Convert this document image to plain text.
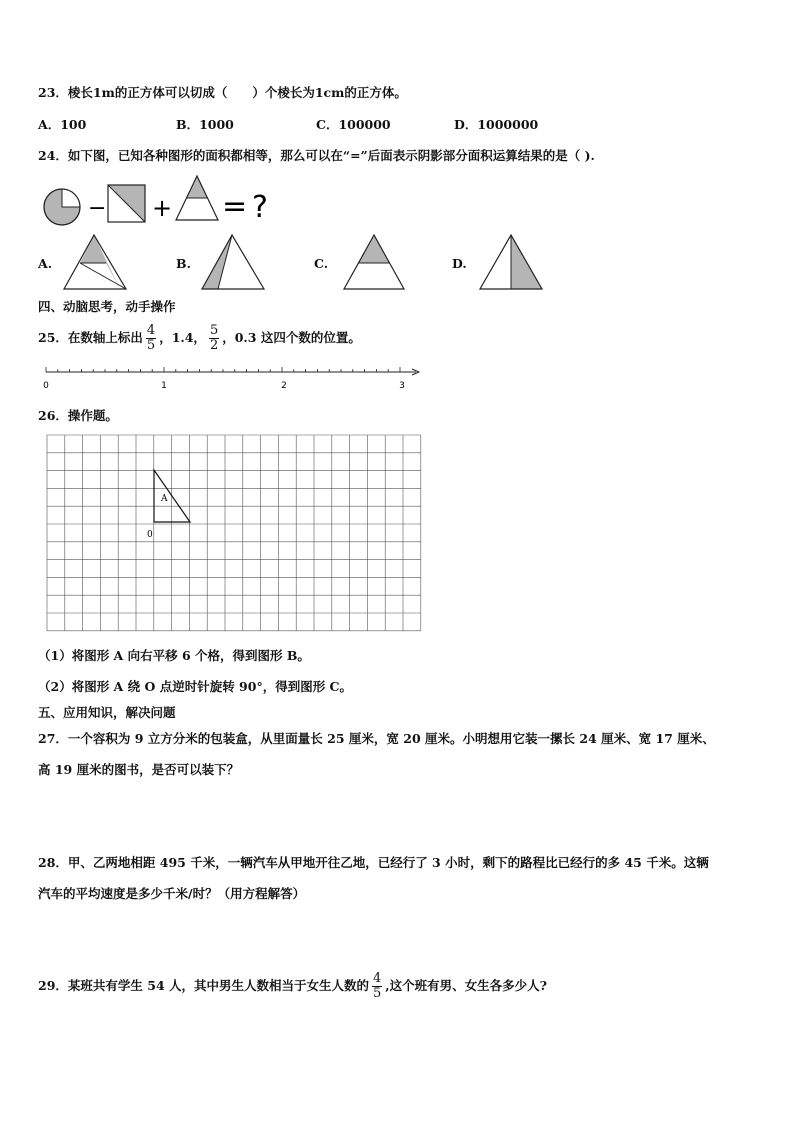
23．棱长1m的正方体可以切成（　　）个棱长为1cm的正方体。
A．100	B．1000	C．100000	D．1000000
24．如下图，已知各种图形的面积都相等，那么可以在“=”后面表示阴影部分面积运算结果的是（ ).
− + = ?
A.	B.	C.	D.
四、动脑思考，动手操作
25．在数轴上标出 $\frac{4}{5}$ ，1.4， $\frac{5}{2}$ ，0.3 这四个数的位置。
0	1	2	3
26．操作题。
A
0
（1）将图形 A 向右平移 6 个格，得到图形 B。
（2）将图形 A 绕 O 点逆时针旋转 90°，得到图形 C。
五、应用知识，解决问题
27．一个容积为 9 立方分米的包装盒，从里面量长 25 厘米，宽 20 厘米。小明想用它装一摞长 24 厘米、宽 17 厘米、
高 19 厘米的图书，是否可以装下？
28．甲、乙两地相距 495 千米，一辆汽车从甲地开往乙地，已经行了 3 小时，剩下的路程比已经行的多 45 千米。这辆
汽车的平均速度是多少千米/时？（用方程解答）
29．某班共有学生 54 人，其中男生人数相当于女生人数的 $\frac{4}{5}$ ,这个班有男、女生各多少人?
